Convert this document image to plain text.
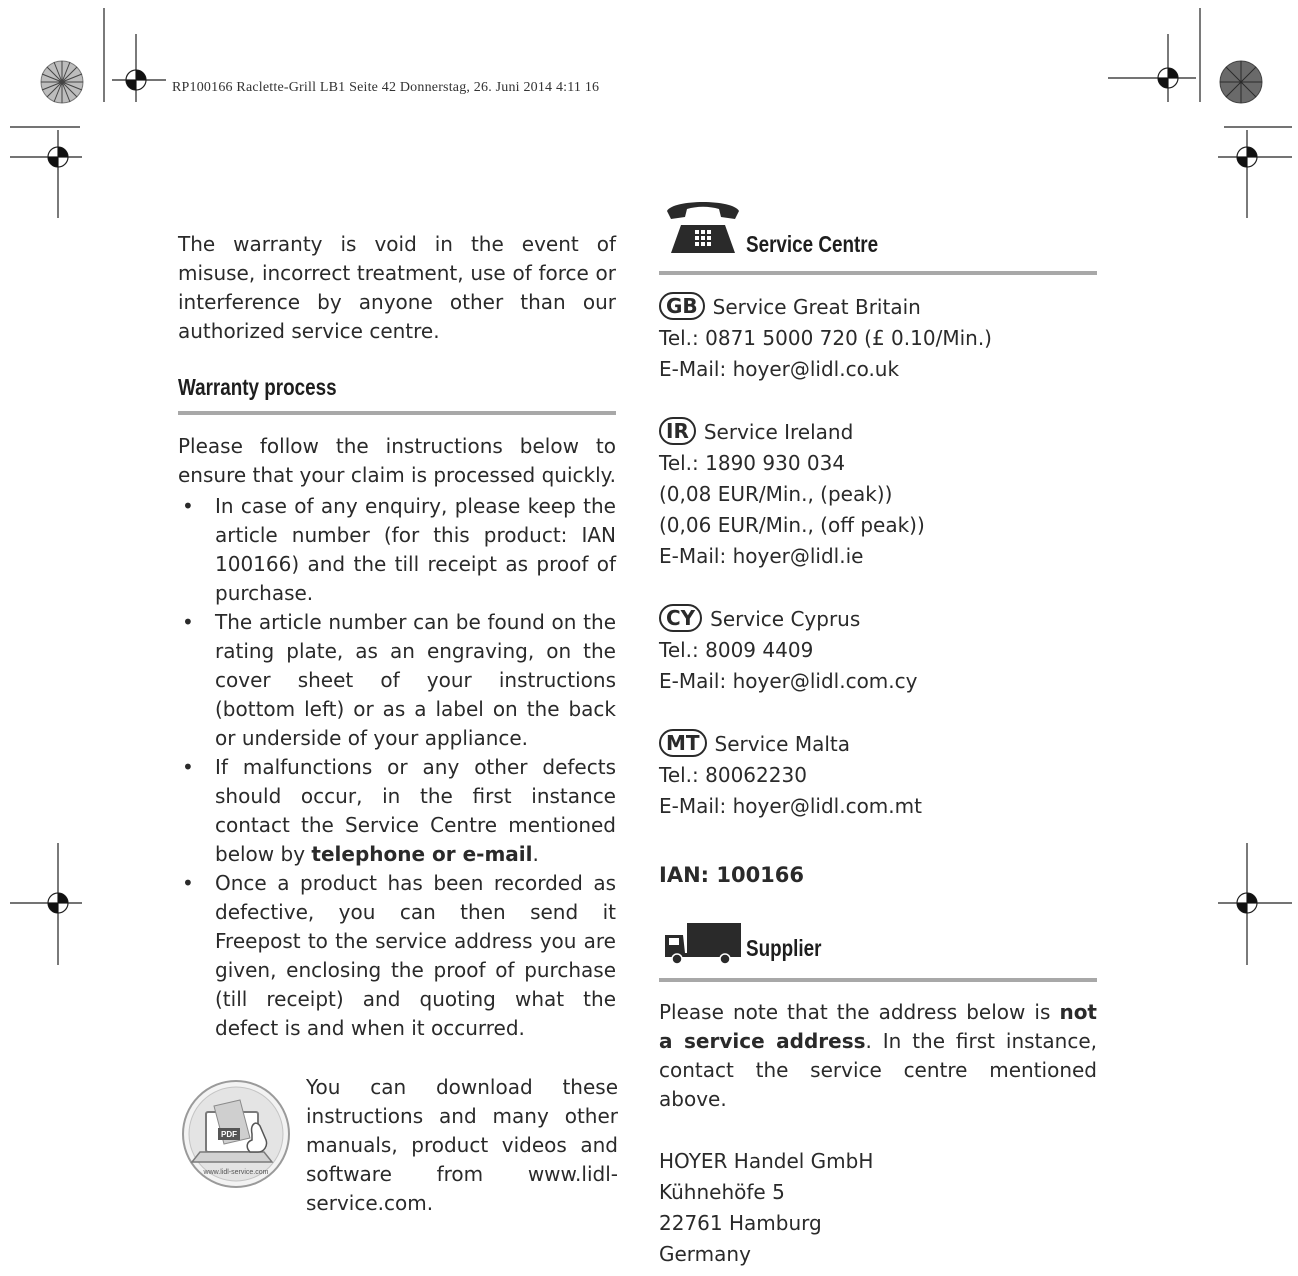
RP100166 Raclette-Grill LB1 Seite 42 Donnerstag, 26. Juni 2014 4:11 16

The warranty is void in the event of misuse, incorrect treatment, use of force or interference by anyone other than our authorized service centre.

Warranty process

Please follow the instructions below to ensure that your claim is processed quickly.

• In case of any enquiry, please keep the article number (for this product: IAN 100166) and the till receipt as proof of purchase.
• The article number can be found on the rating plate, as an engraving, on the cover sheet of your instructions (bottom left) or as a label on the back or underside of your appliance.
• If malfunctions or any other defects should occur, in the first instance contact the Service Centre mentioned below by telephone or e-mail.
• Once a product has been recorded as defective, you can then send it Freepost to the service address you are given, enclosing the proof of purchase (till receipt) and quoting what the defect is and when it occurred.
PDF
www.lidl-service.com

You can download these instructions and many other manuals, product videos and software from www.lidl-service.com.

Service Centre
GB Service Great Britain
Tel.: 0871 5000 720 (£ 0.10/Min.)
E-Mail: hoyer@lidl.co.uk
IR Service Ireland
Tel.: 1890 930 034
(0,08 EUR/Min., (peak))
(0,06 EUR/Min., (off peak))
E-Mail: hoyer@lidl.ie
CY Service Cyprus
Tel.: 8009 4409
E-Mail: hoyer@lidl.com.cy
MT Service Malta
Tel.: 80062230
E-Mail: hoyer@lidl.com.mt
IAN: 100166
Supplier

Please note that the address below is not a service address. In the first instance, contact the service centre mentioned above.

HOYER Handel GmbH
Kühnehöfe 5
22761 Hamburg
Germany
